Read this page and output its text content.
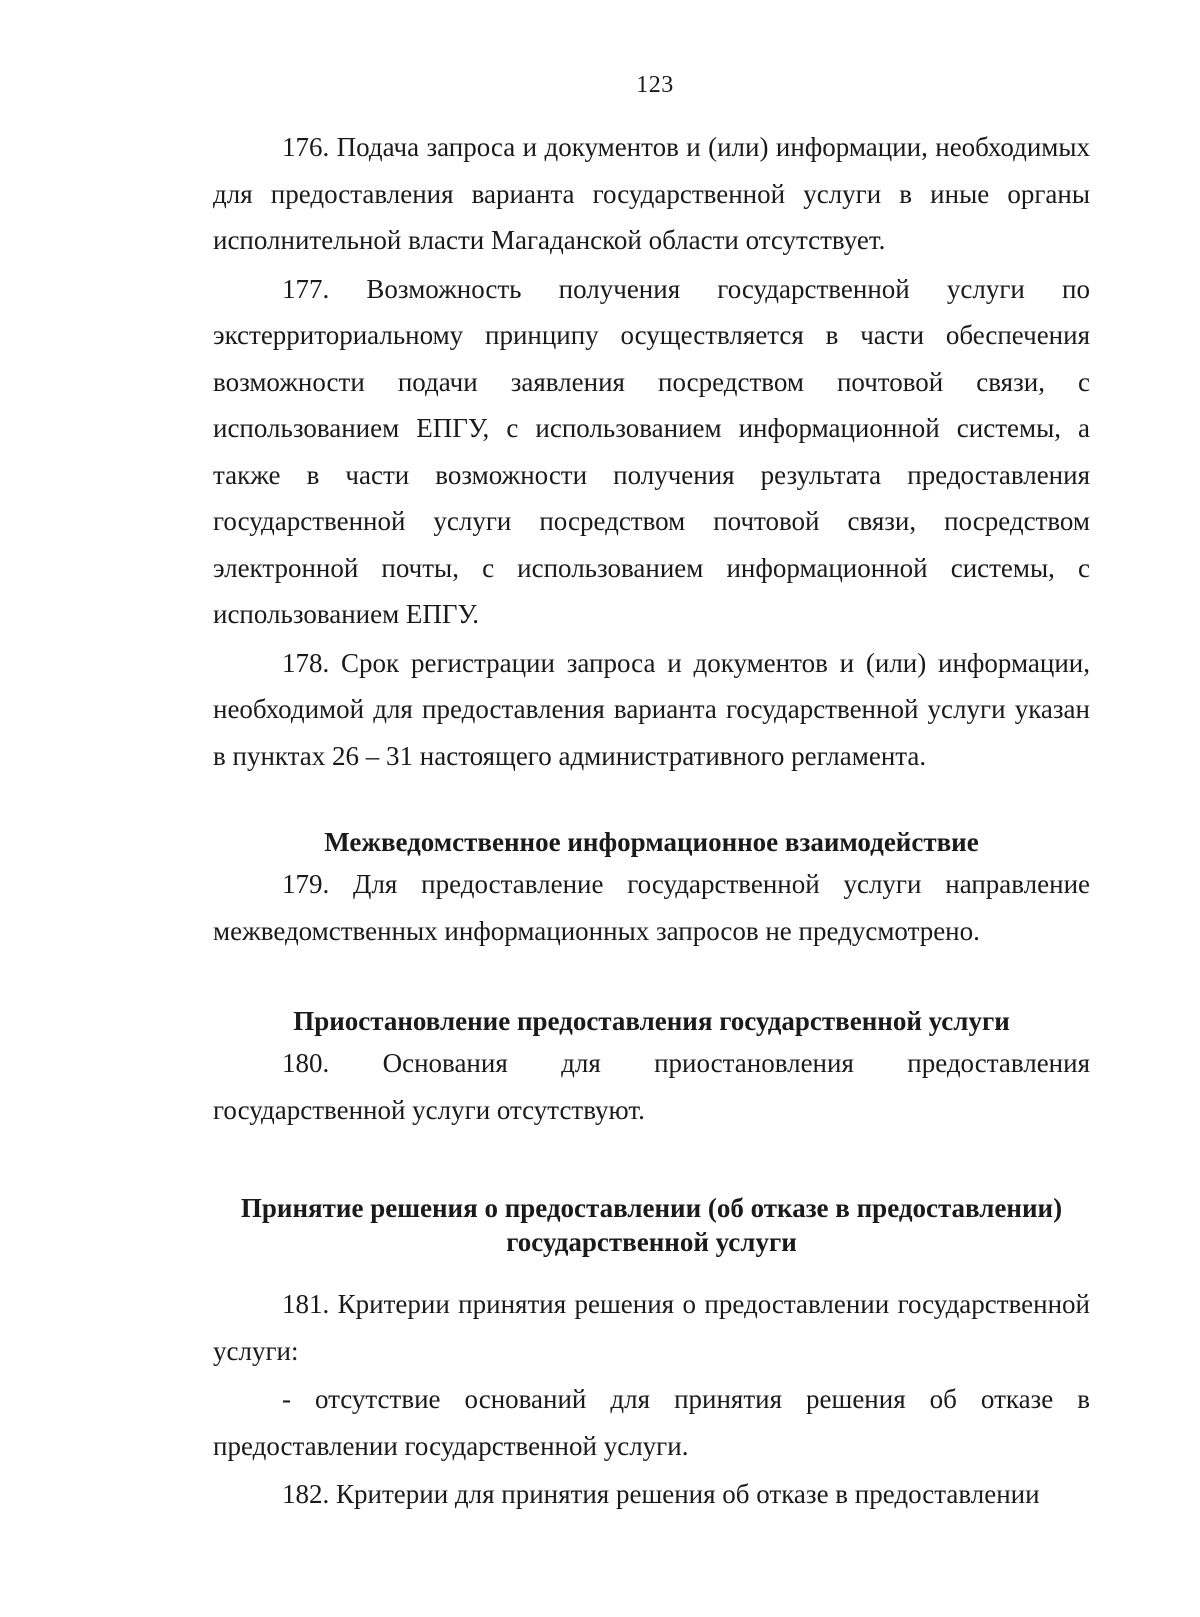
123

176. Подача запроса и документов и (или) информации, необходимых для предоставления варианта государственной услуги в иные органы исполнительной власти Магаданской области отсутствует.

177. Возможность получения государственной услуги по экстерриториальному принципу осуществляется в части обеспечения возможности подачи заявления посредством почтовой связи, с использованием ЕПГУ, с использованием информационной системы, а также в части возможности получения результата предоставления государственной услуги посредством почтовой связи, посредством электронной почты, с использованием информационной системы, с использованием ЕПГУ.

178. Срок регистрации запроса и документов и (или) информации, необходимой для предоставления варианта государственной услуги указан в пунктах 26 – 31 настоящего административного регламента.

Межведомственное информационное взаимодействие

179. Для предоставление государственной услуги направление межведомственных информационных запросов не предусмотрено.

Приостановление предоставления государственной услуги

180. Основания для приостановления предоставления государственной услуги отсутствуют.

Принятие решения о предоставлении (об отказе в предоставлении)
государственной услуги

181. Критерии принятия решения о предоставлении государственной услуги:

- отсутствие оснований для принятия решения об отказе в предоставлении государственной услуги.

182. Критерии для принятия решения об отказе в предоставлении
